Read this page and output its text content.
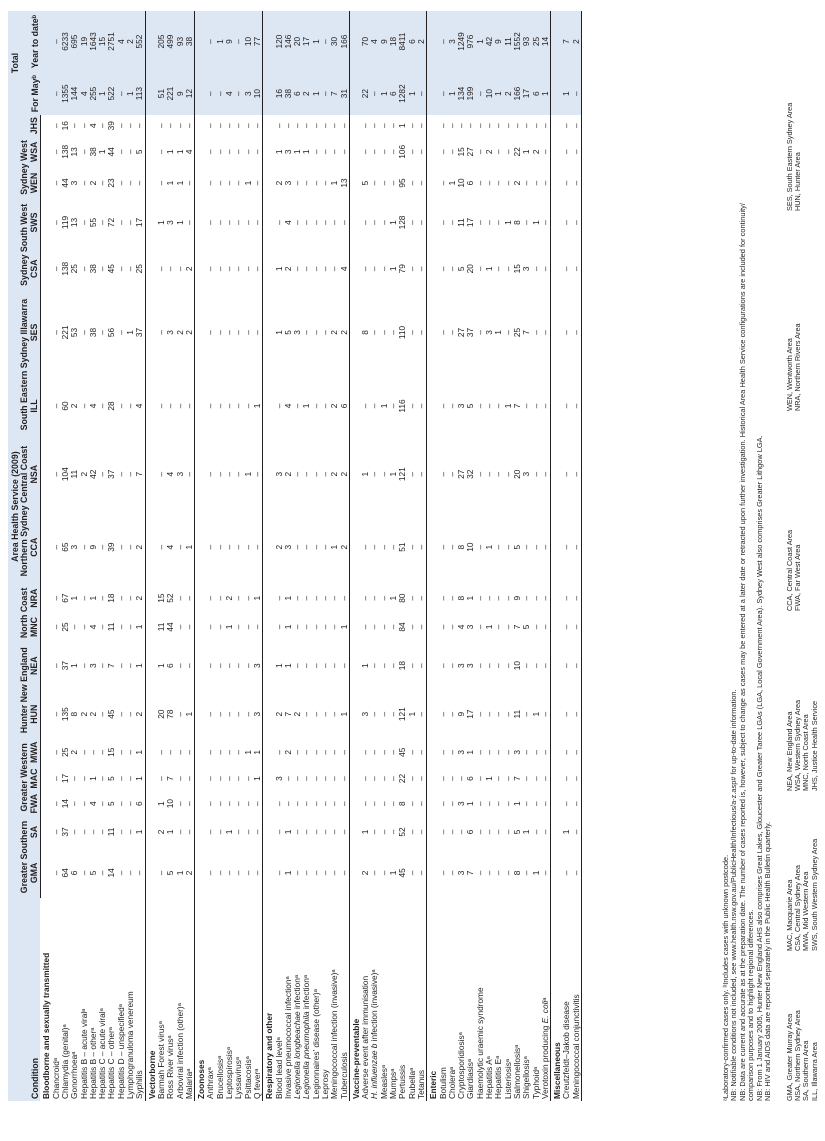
Condition	Area Health Service (2009)																		Total	
	Greater Southern		Greater Western			Hunter New England		North Coast		Northern Sydney Central Coast		South Eastern Sydney Illawarra		Sydney South West		Sydney West			For Mayᵇ	Year to dateᵇ
	GMA	SA	FWA	MAC	MWA	HUN	NEA	MNC	NRA	CCA	NSA	ILL	SES	CSA	SWS	WEN	WSA	JHS		
Bloodborne and sexually transmitted																				
Chancroidᵃ	–	–	–	–	–	–	–	–	–	–	–	–	–	–	–	–	–	–	–	–
Chlamydia (genital)ᵃ	64	37	14	17	25	135	37	25	67	65	104	60	221	138	119	44	138	16	1355	6233
Gonorrhoeaᵃ	6	–	–	–	2	8	1	–	1	3	11	2	53	25	13	3	13	–	144	695
Hepatitis B – acute viralᵃ	–	–	–	–	–	2	–	–	–	–	2	–	–	–	–	–	–	–	4	19
Hepatitis B – otherᵃ	5	–	4	1	–	2	3	4	1	9	42	4	38	38	55	2	38	4	255	1643
Hepatitis C – acute viralᵃ	–	–	–	–	–	–	–	–	–	–	–	–	–	–	–	–	1	–	1	15
Hepatitis C – otherᵃ	14	11	5	5	15	45	7	11	18	39	37	28	56	45	72	23	44	39	522	2751
Hepatitis D – unspecifiedᵃ	–	–	–	–	–	–	–	–	–	–	–	–	–	–	–	–	–	–	–	4
Lymphogranuloma venereum	–	–	–	–	–	–	–	–	–	–	–	–	1	–	–	–	–	–	1	2
Syphilis	–	1	6	1	1	2	1	1	2	2	7	4	37	25	17	–	5	–	113	552
Vectorborne																				
Barmah Forest virusᵃ	–	2	1	–	–	20	1	11	15	–	–	–	–	–	1	–	–	–	51	205
Ross River virusᵃ	5	1	10	7	–	78	6	44	52	4	4	–	3	–	3	1	1	–	221	499
Arboviral infection (other)ᵃ	1	–	–	–	–	–	–	–	–	–	3	–	2	–	1	1	1	–	9	93
Malariaᵃ	2	–	–	–	–	1	–	–	–	1	–	–	2	2	–	–	4	–	12	38
Zoonoses																				
Anthraxᵃ	–	–	–	–	–	–	–	–	–	–	–	–	–	–	–	–	–	–	–	–
Brucellosisᵃ	–	–	–	–	–	–	–	–	–	–	–	–	–	–	–	–	–	–	–	1
Leptospirosisᵃ	–	1	–	–	–	–	–	1	2	–	–	–	–	–	–	–	–	–	4	9
Lyssavirusᵃ	–	–	–	–	–	–	–	–	–	–	–	–	–	–	–	–	–	–	–	–
Psittacosisᵃ	–	–	–	–	1	–	–	–	–	–	1	–	–	–	–	1	–	–	3	10
Q feverᵃ	–	–	–	1	1	3	3	–	1	–	–	1	–	–	–	–	–	–	10	77
Respiratory and other																				
Blood lead levelᵃ	–	–	–	3	–	2	1	–	–	2	3	–	1	1	–	2	1	–	16	120
Invasive pneumococcal infectionᵃ	1	1	–	–	2	7	1	1	1	3	2	4	5	2	4	3	3	–	38	146
Legionella longbeachae infectionᵃ	–	–	–	–	–	2	–	–	–	–	–	–	3	–	–	–	1	–	6	20
Legionella pneumophila infectionᵃ	–	–	–	–	–	–	–	–	–	–	–	1	–	–	–	–	1	–	2	17
Legionnaires’ disease (other)ᵃ	–	–	–	–	–	–	–	–	–	–	–	–	–	–	–	–	–	–	1	1
Leprosy	–	–	–	–	–	–	–	–	–	–	–	–	–	–	–	–	–	–	–	–
Meningococcal infection (invasive)ᵃ	–	–	–	–	–	–	–	–	–	1	2	2	2	–	–	1	–	–	7	30
Tuberculosis	–	–	–	–	–	1	–	1	–	2	2	6	2	4	–	13	–	–	31	166
Vaccine-preventable																				
Adverse event after immunisation	2	1	–	–	–	3	1	–	–	–	1	–	8	–	–	5	–	–	22	70
H. influenzae b infection (invasive)ᵃ	–	–	–	–	–	–	–	–	–	–	–	–	–	–	–	–	–	–	–	4
Measlesᵃ	–	–	–	–	–	–	–	–	–	–	–	1	–	–	–	–	–	–	1	9
Mumpsᵃ	1	–	–	–	–	–	–	–	1	–	1	–	–	1	1	–	–	–	6	18
Pertussis	45	52	8	22	45	121	18	84	80	51	121	116	110	79	128	95	106	1	1282	8411
Rubellaᵃ	–	–	–	–	–	1	–	–	–	–	–	–	–	–	–	–	–	–	1	6
Tetanus	–	–	–	–	–	–	–	–	–	–	–	–	–	–	–	–	–	–	–	2
Enteric																				
Botulism	–	–	–	–	–	–	–	–	–	–	–	–	–	–	–	–	–	–	–	–
Choleraᵃ	–	–	–	–	–	–	–	–	–	–	–	–	–	–	–	1	–	–	1	3
Cryptosporidiosisᵃ	3	–	3	–	3	9	3	4	8	8	27	3	27	5	11	10	15	–	134	1249
Giardiasisᵃ	7	6	1	6	1	17	3	3	1	10	32	5	37	20	17	6	27	–	199	976
Haemolytic uraemic syndrome	–	–	–	–	–	–	–	–	–	–	–	–	–	–	–	–	–	–	–	1
Hepatitis Aᵃ	–	–	–	1	–	–	–	1	–	1	–	–	3	1	–	–	2	–	10	42
Hepatitis Eᵃ	–	–	–	–	–	–	–	–	–	–	–	–	1	–	–	–	–	–	1	9
Listeriosisᵃ	–	–	–	–	–	–	–	–	–	–	–	1	–	–	1	–	–	–	2	11
Salmonellosisᵃ	8	5	1	7	3	11	10	7	9	5	20	7	25	15	8	2	22	–	166	1552
Shigellosisᵃ	–	1	–	–	–	–	–	5	–	–	3	–	7	3	–	–	1	–	17	93
Typhoidᵃ	1	–	–	–	–	1	–	–	–	–	–	–	–	–	1	–	2	–	6	25
Verotoxin producing E. coliᵃ	–	–	–	–	–	–	–	–	–	–	–	–	–	–	–	–	–	–	1	14
Miscellaneous																				
Creutzfeldt–Jakob disease	–	1	–	–	–	–	–	–	–	–	–	–	–	–	–	–	–	–	1	7
Meningococcal conjunctivitis	–	–	–	–	–	–	–	–	–	–	–	–	–	–	–	–	–	–	–	2

ᵃLaboratory-confirmed cases only. ᵇIncludes cases with unknown postcode. NB: Notifiable conditions not included, see www.health.nsw.gov.au/PublicHealth/Infectious/a-z.asp# for up-to-date information. NB: Data are current and accurate as at the preparation date. The number of cases reported is, however, subject to change as cases may be entered at a later date or retracted upon further investigation. Historical Area Health Service configurations are included for continuity/ comparison purposes and to highlight regional differences. NB: From 1 January 2005, Hunter New England AHS also comprises Great Lakes, Gloucester and Greater Taree LGAs (LGA, Local Government Area). Sydney West also comprises Greater Lithgow LGA. NB: HIV and AIDS data are reported separately in the Public Health Bulletin quarterly. GMA, Greater Murray Area NSA, Northern Sydney Area
MAC, Macquarie Area CSA, Central Sydney Area
NEA, New England Area WSA, Western Sydney Area
CCA, Central Coast Area FWA, Far West Area
WEN, Wentworth Area NRA, Northern Rivers Area
SES, South Eastern Sydney Area HUN, Hunter Area
SA, Southern Area ILL, Illawarra Area
MWA, Mid Western Area SWS, South Western Sydney Area
MNC, North Coast Area JHS, Justice Health Service
